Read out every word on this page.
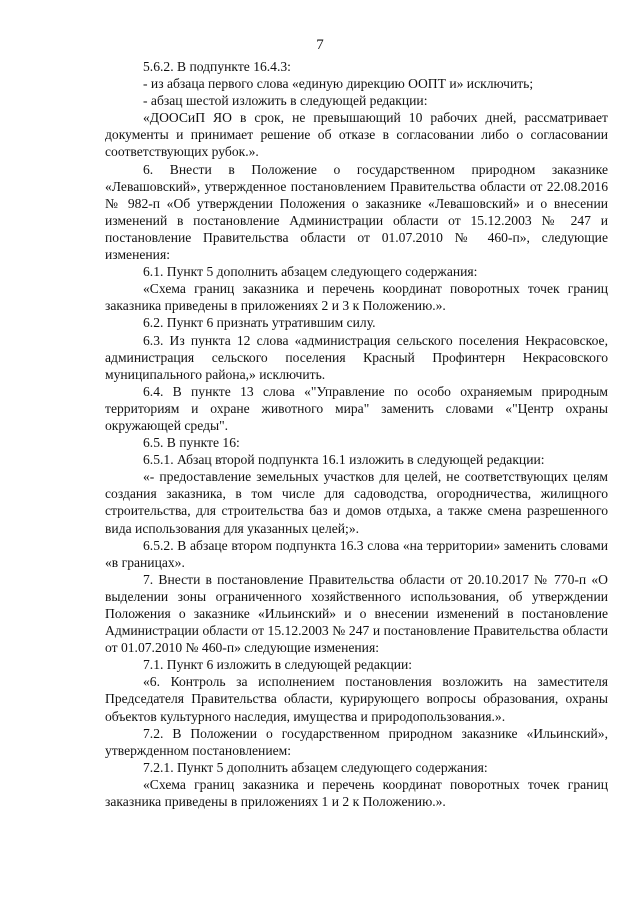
7

5.6.2. В подпункте 16.4.3:

- из абзаца первого слова «единую дирекцию ООПТ и» исключить;

- абзац шестой изложить в следующей редакции:

«ДООСиП ЯО в срок, не превышающий 10 рабочих дней, рассматривает документы и принимает решение об отказе в согласовании либо о согласовании соответствующих рубок.».

6. Внести в Положение о государственном природном заказнике «Левашовский», утвержденное постановлением Правительства области от 22.08.2016 № 982-п «Об утверждении Положения о заказнике «Левашовский» и о внесении изменений в постановление Администрации области от 15.12.2003 № 247 и постановление Правительства области от 01.07.2010 № 460-п», следующие изменения:

6.1. Пункт 5 дополнить абзацем следующего содержания:

«Схема границ заказника и перечень координат поворотных точек границ заказника приведены в приложениях 2 и 3 к Положению.».

6.2. Пункт 6 признать утратившим силу.

6.3. Из пункта 12 слова «администрация сельского поселения Некрасовское, администрация сельского поселения Красный Профинтерн Некрасовского муниципального района,» исключить.

6.4. В пункте 13 слова «"Управление по особо охраняемым природным территориям и охране животного мира" заменить словами «"Центр охраны окружающей среды".

6.5. В пункте 16:

6.5.1. Абзац второй подпункта 16.1 изложить в следующей редакции:

«- предоставление земельных участков для целей, не соответствующих целям создания заказника, в том числе для садоводства, огородничества, жилищного строительства, для строительства баз и домов отдыха, а также смена разрешенного вида использования для указанных целей;».

6.5.2. В абзаце втором подпункта 16.3 слова «на территории» заменить словами «в границах».

7. Внести в постановление Правительства области от 20.10.2017 № 770-п «О выделении зоны ограниченного хозяйственного использования, об утверждении Положения о заказнике «Ильинский» и о внесении изменений в постановление Администрации области от 15.12.2003 № 247 и постановление Правительства области от 01.07.2010 № 460-п» следующие изменения:

7.1. Пункт 6 изложить в следующей редакции:

«6. Контроль за исполнением постановления возложить на заместителя Председателя Правительства области, курирующего вопросы образования, охраны объектов культурного наследия, имущества и природопользования.».

7.2. В Положении о государственном природном заказнике «Ильинский», утвержденном постановлением:

7.2.1. Пункт 5 дополнить абзацем следующего содержания:

«Схема границ заказника и перечень координат поворотных точек границ заказника приведены в приложениях 1 и 2 к Положению.».
